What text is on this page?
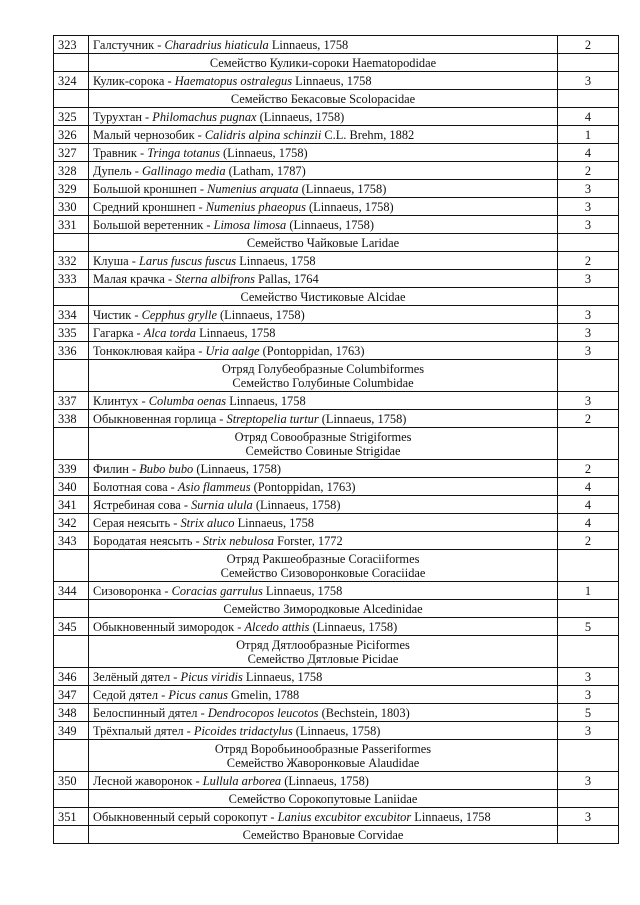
323	Галстучник - Charadrius hiaticula Linnaeus, 1758	2

	Семейство Кулики-сороки Haematopodidae	

324	Кулик-сорока - Haematopus ostralegus Linnaeus, 1758	3

	Семейство Бекасовые Scolopacidae	

325	Турухтан - Philomachus pugnax (Linnaeus, 1758)	4
326	Малый чернозобик - Calidris alpina schinzii C.L. Brehm, 1882	1
327	Травник - Tringa totanus (Linnaeus, 1758)	4
328	Дупель - Gallinago media (Latham, 1787)	2
329	Большой кроншнеп - Numenius arquata (Linnaeus, 1758)	3
330	Средний кроншнеп - Numenius phaeopus (Linnaeus, 1758)	3
331	Большой веретенник - Limosa limosa (Linnaeus, 1758)	3

	Семейство Чайковые Laridae	

332	Клуша - Larus fuscus fuscus Linnaeus, 1758	2
333	Малая крачка - Sterna albifrons Pallas, 1764	3

	Семейство Чистиковые Alcidae	

334	Чистик - Cepphus grylle (Linnaeus, 1758)	3
335	Гагарка - Alca torda Linnaeus, 1758	3
336	Тонкоклювая кайра - Uria aalge (Pontoppidan, 1763)	3

	Отряд Голубеобразные Columbiformes
Семейство Голубиные Columbidae	

337	Клинтух - Columba oenas Linnaeus, 1758	3
338	Обыкновенная горлица - Streptopelia turtur (Linnaeus, 1758)	2

	Отряд Совообразные Strigiformes
Семейство Совиные Strigidae	

339	Филин - Bubo bubo (Linnaeus, 1758)	2
340	Болотная сова - Asio flammeus (Pontoppidan, 1763)	4
341	Ястребиная сова - Surnia ulula (Linnaeus, 1758)	4
342	Серая неясыть - Strix aluco Linnaeus, 1758	4
343	Бородатая неясыть - Strix nebulosa Forster, 1772	2

	Отряд Ракшеобразные Coraciiformes
Семейство Сизоворонковые Coraciidae	

344	Сизоворонка - Coracias garrulus Linnaeus, 1758	1

	Семейство Зимородковые Alcedinidae	

345	Обыкновенный зимородок - Alcedo atthis (Linnaeus, 1758)	5

	Отряд Дятлообразные Piciformes
Семейство Дятловые Picidae	

346	Зелёный дятел - Picus viridis Linnaeus, 1758	3
347	Седой дятел - Picus canus Gmelin, 1788	3
348	Белоспинный дятел - Dendrocopos leucotos (Bechstein, 1803)	5
349	Трёхпалый дятел - Picoides tridactylus (Linnaeus, 1758)	3

	Отряд Воробьинообразные Passeriformes
Семейство Жаворонковые Alaudidae	

350	Лесной жаворонок - Lullula arborea (Linnaeus, 1758)	3

	Семейство Сорокопутовые Laniidae	

351	Обыкновенный серый сорокопут - Lanius excubitor excubitor Linnaeus, 1758	3

	Семейство Врановые Corvidae	
